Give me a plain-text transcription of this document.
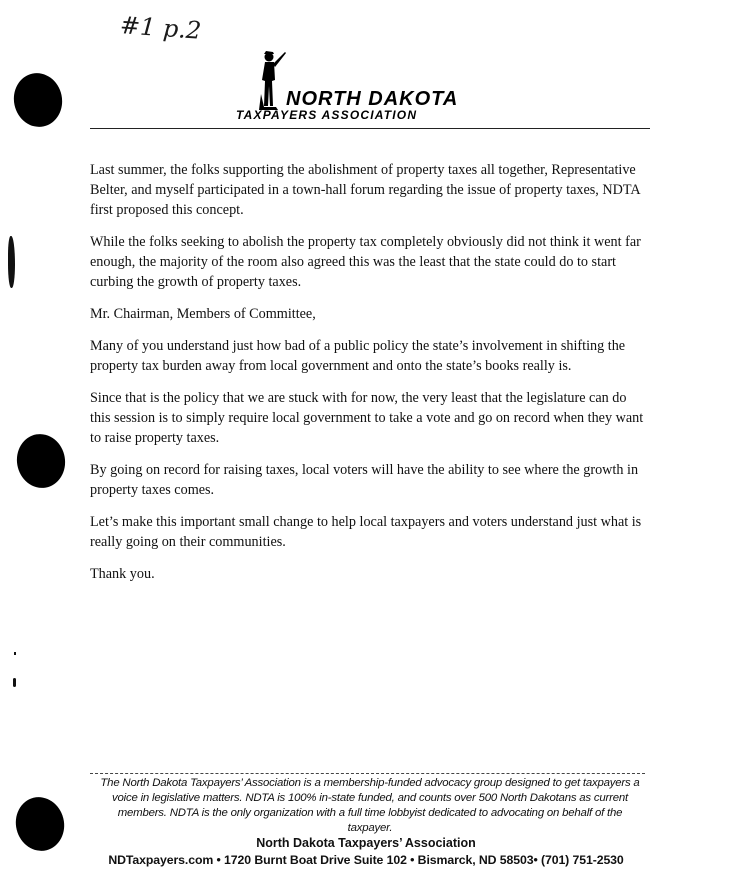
#1 p.2
NORTH DAKOTA
TAXPAYERS ASSOCIATION

Last summer, the folks supporting the abolishment of property taxes all together, Representative Belter, and myself participated in a town-hall forum regarding the issue of property taxes, NDTA first proposed this concept.

While the folks seeking to abolish the property tax completely obviously did not think it went far enough, the majority of the room also agreed this was the least that the state could do to start curbing the growth of property taxes.

Mr. Chairman, Members of Committee,

Many of you understand just how bad of a public policy the state’s involvement in shifting the property tax burden away from local government and onto the state’s books really is.

Since that is the policy that we are stuck with for now, the very least that the legislature can do this session is to simply require local government to take a vote and go on record when they want to raise property taxes.

By going on record for raising taxes, local voters will have the ability to see where the growth in property taxes comes.

Let’s make this important small change to help local taxpayers and voters understand just what is really going on their communities.

Thank you.

The North Dakota Taxpayers’ Association is a membership-funded advocacy group designed to get taxpayers a voice in legislative matters. NDTA is 100% in-state funded, and counts over 500 North Dakotans as current members. NDTA is the only organization with a full time lobbyist dedicated to advocating on behalf of the taxpayer.
North Dakota Taxpayers’ Association
NDTaxpayers.com • 1720 Burnt Boat Drive Suite 102 • Bismarck, ND 58503• (701) 751-2530
